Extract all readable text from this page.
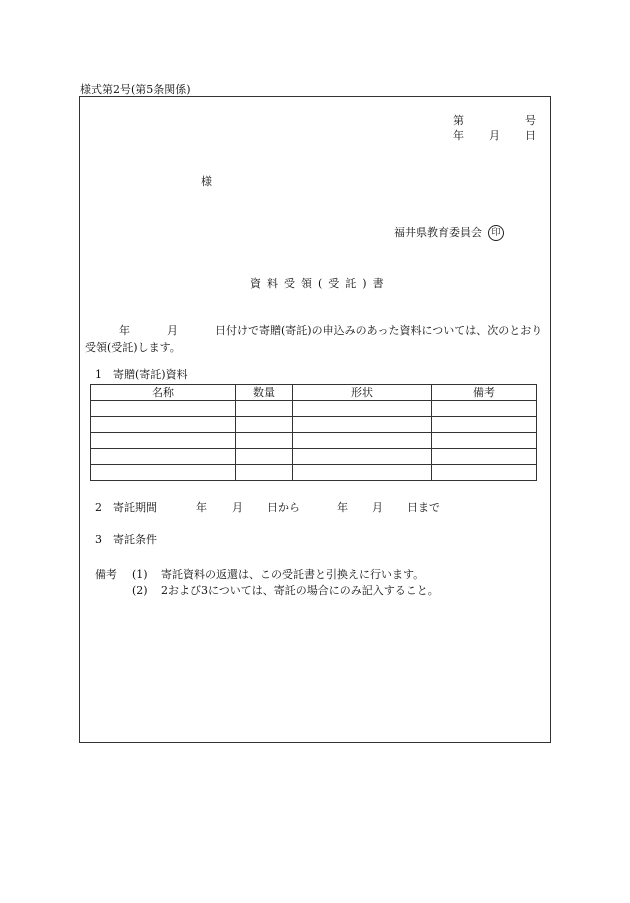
様式第2号(第5条関係)
第	号
年 月 日
様
福井県教育委員会 印
資料受領(受託)書
年	月	日付けで寄贈(寄託)の申込みのあった資料については、次のとおり受領(受託)します。
1　寄贈(寄託)資料
名称	数量	形状	備考

2　寄託期間	年 月 日から	年 月 日まで
3　寄託条件
備考	(1)	寄託資料の返還は、この受託書と引換えに行います。
(2)	2および3については、寄託の場合にのみ記入すること。
